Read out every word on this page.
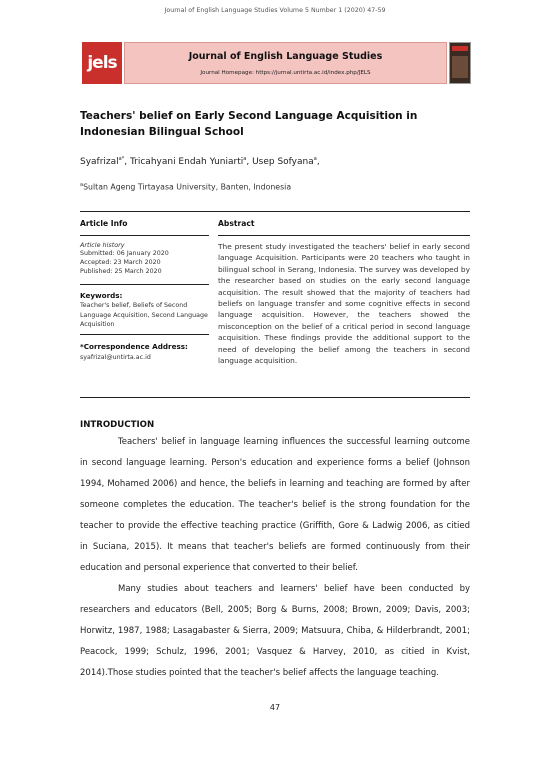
Journal of English Language Studies Volume 5 Number 1 (2020) 47-59
jels	Journal of English Language Studies
Journal Homepage: https://jurnal.untirta.ac.id/index.php/JELS
Teachers' belief on Early Second Language Acquisition in Indonesian Bilingual School
Syafrizal$^{a*}$, Tricahyani Endah Yuniarti$^a$, Usep Sofyana$^a$,
$^a$Sultan Ageng Tirtayasa University, Banten, Indonesia
Article Info	Abstract
Article history
Submitted: 06 January 2020
Accepted: 23 March 2020
Published: 25 March 2020
Keywords:
Teacher's belief, Beliefs of Second Language Acquisition, Second Language Acquisition
*Correspondence Address:
syafrizal@untirta.ac.id
The present study investigated the teachers' belief in early second language Acquisition. Participants were 20 teachers who taught in bilingual school in Serang, Indonesia. The survey was developed by the researcher based on studies on the early second language acquisition. The result showed that the majority of teachers had beliefs on language transfer and some cognitive effects in second language acquisition. However, the teachers showed the misconception on the belief of a critical period in second language acquisition. These findings provide the additional support to the need of developing the belief among the teachers in second language acquisition.
INTRODUCTION

Teachers' belief in language learning influences the successful learning outcome in second language learning. Person's education and experience forms a belief (Johnson 1994, Mohamed 2006) and hence, the beliefs in learning and teaching are formed by after someone completes the education. The teacher's belief is the strong foundation for the teacher to provide the effective teaching practice (Griffith, Gore & Ladwig 2006, as citied in Suciana, 2015). It means that teacher's beliefs are formed continuously from their education and personal experience that converted to their belief.

Many studies about teachers and learners' belief have been conducted by researchers and educators (Bell, 2005; Borg & Burns, 2008; Brown, 2009; Davis, 2003; Horwitz, 1987, 1988; Lasagabaster & Sierra, 2009; Matsuura, Chiba, & Hilderbrandt, 2001; Peacock, 1999; Schulz, 1996, 2001; Vasquez & Harvey, 2010, as citied in Kvist, 2014).Those studies pointed that the teacher's belief affects the language teaching.

47
